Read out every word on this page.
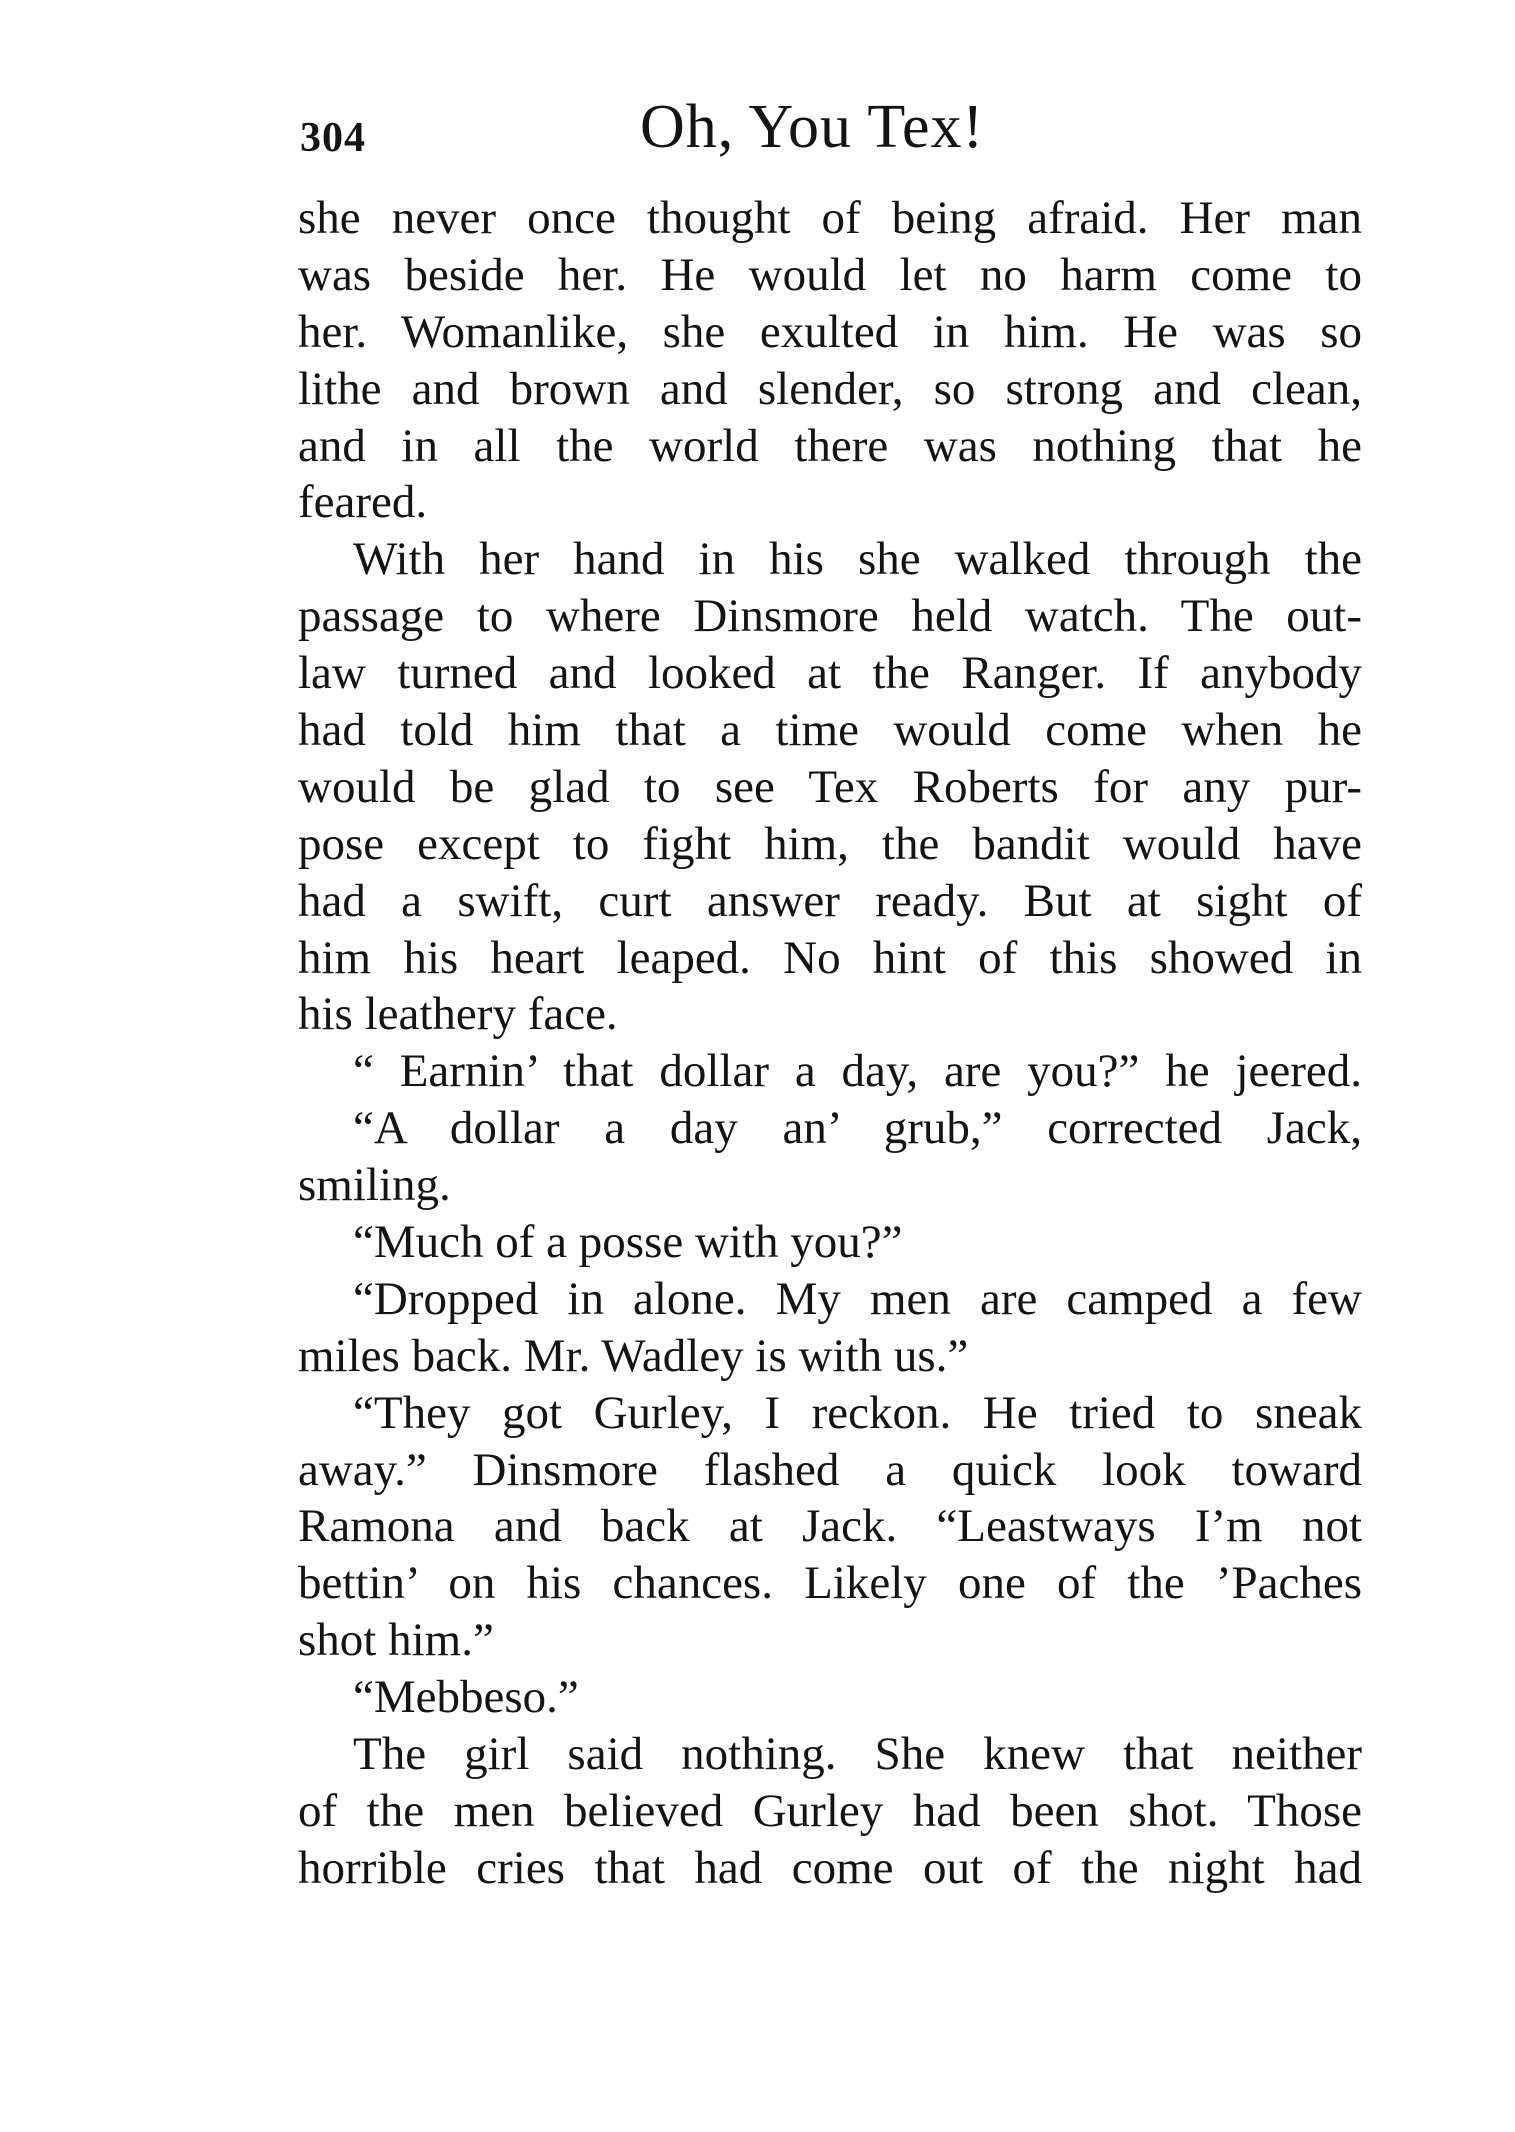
304	Oh, You Tex!
she never once thought of being afraid. Her man
was beside her. He would let no harm come to
her. Womanlike, she exulted in him. He was so
lithe and brown and slender, so strong and clean,
and in all the world there was nothing that he
feared.
With her hand in his she walked through the
passage to where Dinsmore held watch. The out-
law turned and looked at the Ranger. If anybody
had told him that a time would come when he
would be glad to see Tex Roberts for any pur-
pose except to fight him, the bandit would have
had a swift, curt answer ready. But at sight of
him his heart leaped. No hint of this showed in
his leathery face.
“ Earnin’ that dollar a day, are you?” he jeered.
“A dollar a day an’ grub,” corrected Jack,
smiling.
“Much of a posse with you?”
“Dropped in alone. My men are camped a few
miles back. Mr. Wadley is with us.”
“They got Gurley, I reckon. He tried to sneak
away.” Dinsmore flashed a quick look toward
Ramona and back at Jack. “Leastways I’m not
bettin’ on his chances. Likely one of the ’Paches
shot him.”
“Mebbeso.”
The girl said nothing. She knew that neither
of the men believed Gurley had been shot. Those
horrible cries that had come out of the night had
